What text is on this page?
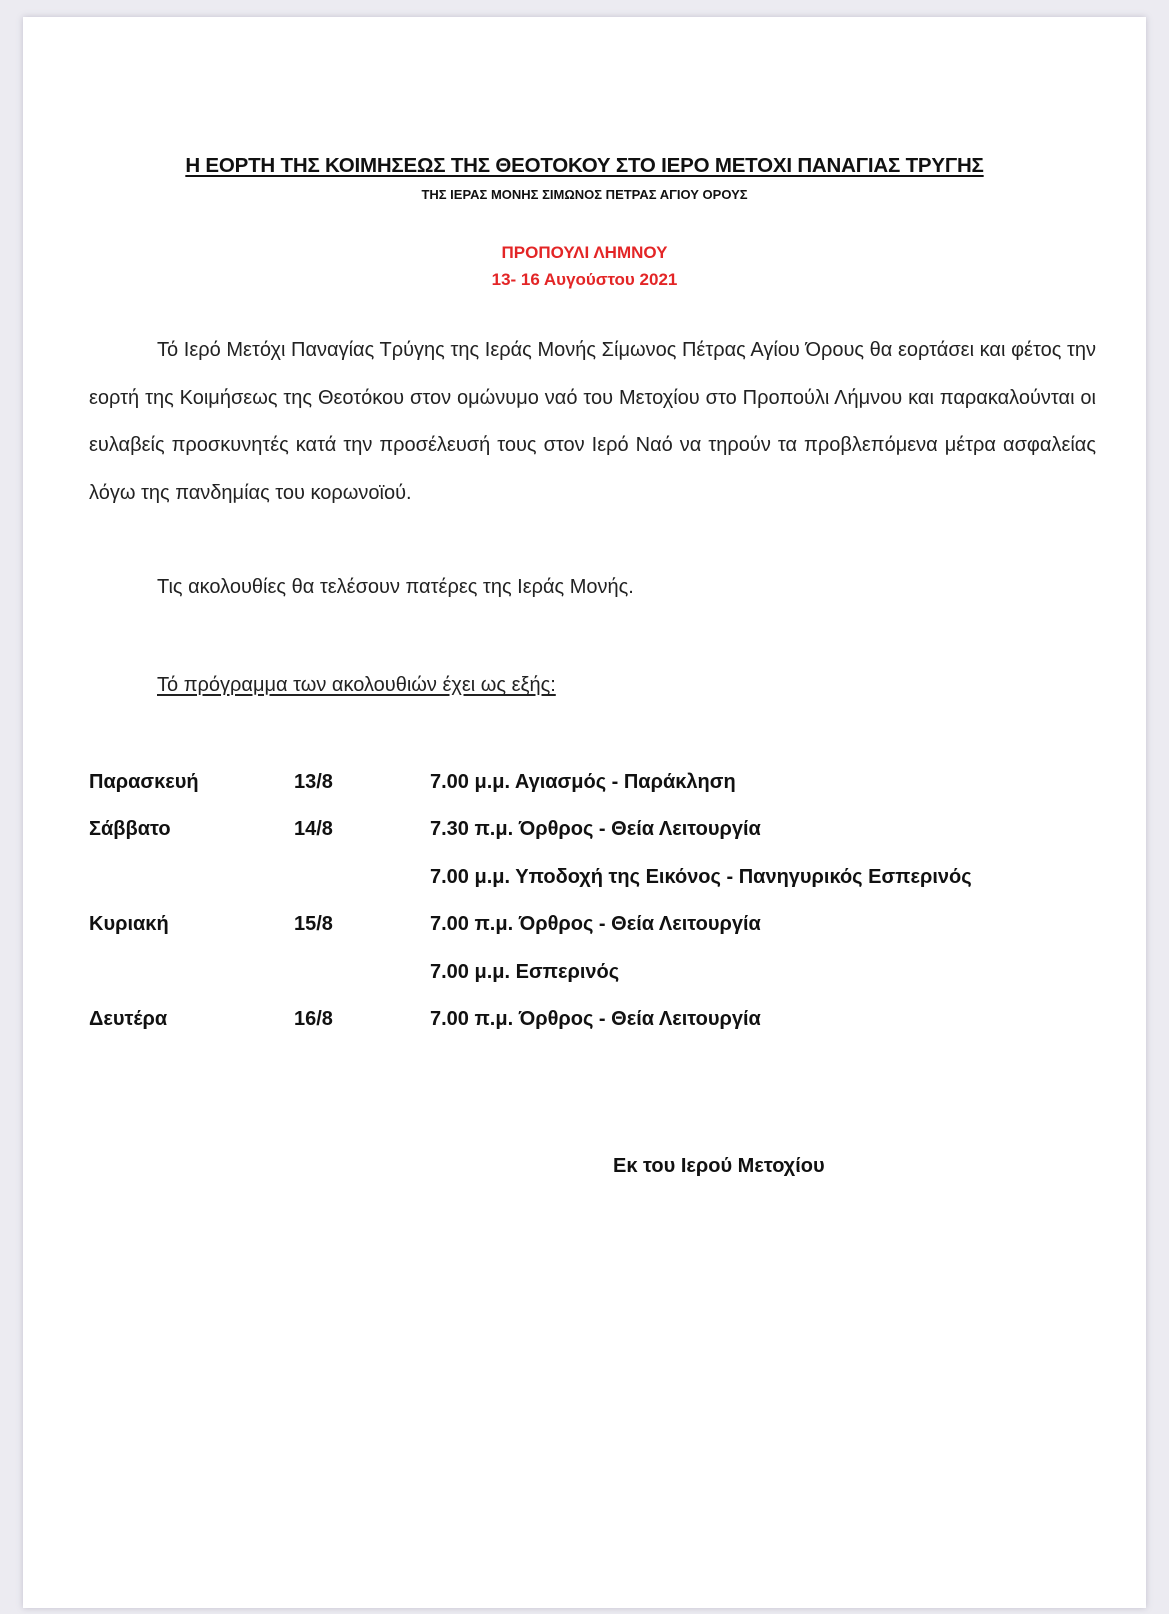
Η ΕΟΡΤΗ ΤΗΣ ΚΟΙΜΗΣΕΩΣ ΤΗΣ ΘΕΟΤΟΚΟΥ ΣΤΟ ΙΕΡΟ ΜΕΤΟΧΙ ΠΑΝΑΓΙΑΣ ΤΡΥΓΗΣ
ΤΗΣ ΙΕΡΑΣ ΜΟΝΗΣ ΣΙΜΩΝΟΣ ΠΕΤΡΑΣ ΑΓΙΟΥ ΟΡΟΥΣ
ΠΡΟΠΟΥΛΙ ΛΗΜΝΟΥ
13- 16 Αυγούστου 2021
Τό Ιερό Μετόχι Παναγίας Τρύγης της Ιεράς Μονής Σίμωνος Πέτρας Αγίου Όρους θα εορτάσει και φέτος την εορτή της Κοιμήσεως της Θεοτόκου στον ομώνυμο ναό του Μετοχίου στο Προπούλι Λήμνου και παρακαλούνται οι ευλαβείς προσκυνητές κατά την προσέλευσή τους στον Ιερό Ναό να τηρούν τα προβλεπόμενα μέτρα ασφαλείας λόγω της πανδημίας του κορωνοϊού.
Τις ακολουθίες θα τελέσουν πατέρες της Ιεράς Μονής.
Τό πρόγραμμα των ακολουθιών έχει ως εξής:
Παρασκευή	13/8	7.00 μ.μ. Αγιασμός - Παράκληση
Σάββατο	14/8	7.30 π.μ. Όρθρος - Θεία Λειτουργία
7.00 μ.μ. Υποδοχή της Εικόνος - Πανηγυρικός Εσπερινός
Κυριακή	15/8	7.00 π.μ. Όρθρος - Θεία Λειτουργία
7.00 μ.μ. Εσπερινός
Δευτέρα	16/8	7.00 π.μ. Όρθρος - Θεία Λειτουργία
Εκ του Ιερού Μετοχίου
